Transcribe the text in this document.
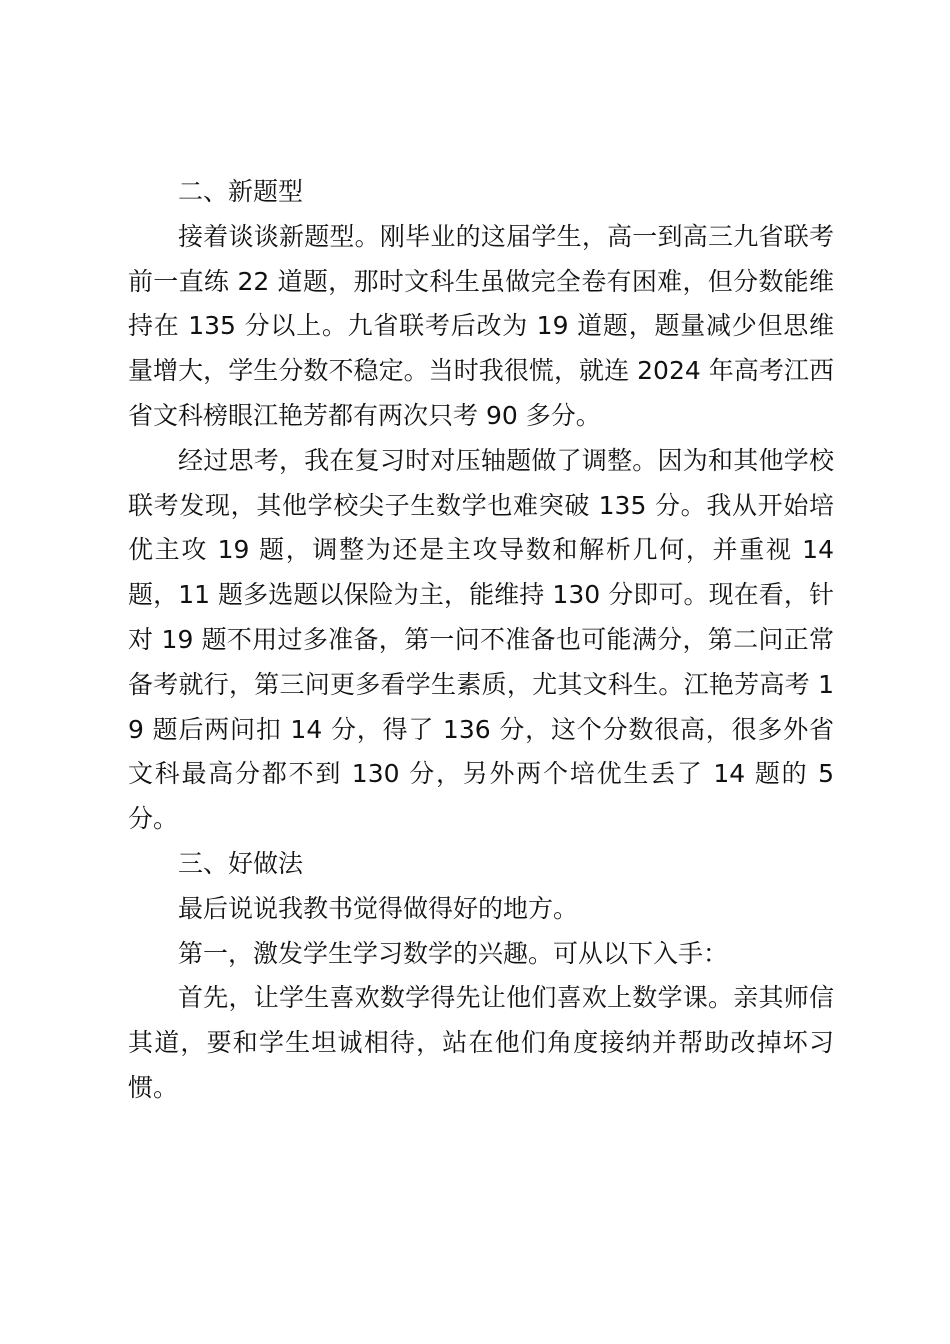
二、新题型

接着谈谈新题型。刚毕业的这届学生，高一到高三九省联考前一直练 22 道题，那时文科生虽做完全卷有困难，但分数能维持在 135 分以上。九省联考后改为 19 道题，题量减少但思维量增大，学生分数不稳定。当时我很慌，就连 2024 年高考江西省文科榜眼江艳芳都有两次只考 90 多分。

经过思考，我在复习时对压轴题做了调整。因为和其他学校联考发现，其他学校尖子生数学也难突破 135 分。我从开始培优主攻 19 题，调整为还是主攻导数和解析几何，并重视 14 题，11 题多选题以保险为主，能维持 130 分即可。现在看，针对 19 题不用过多准备，第一问不准备也可能满分，第二问正常备考就行，第三问更多看学生素质，尤其文科生。江艳芳高考 19 题后两问扣 14 分，得了 136 分，这个分数很高，很多外省文科最高分都不到 130 分，另外两个培优生丢了 14 题的 5 分。

三、好做法

最后说说我教书觉得做得好的地方。

第一，激发学生学习数学的兴趣。可从以下入手：

首先，让学生喜欢数学得先让他们喜欢上数学课。亲其师信其道，要和学生坦诚相待，站在他们角度接纳并帮助改掉坏习惯。
